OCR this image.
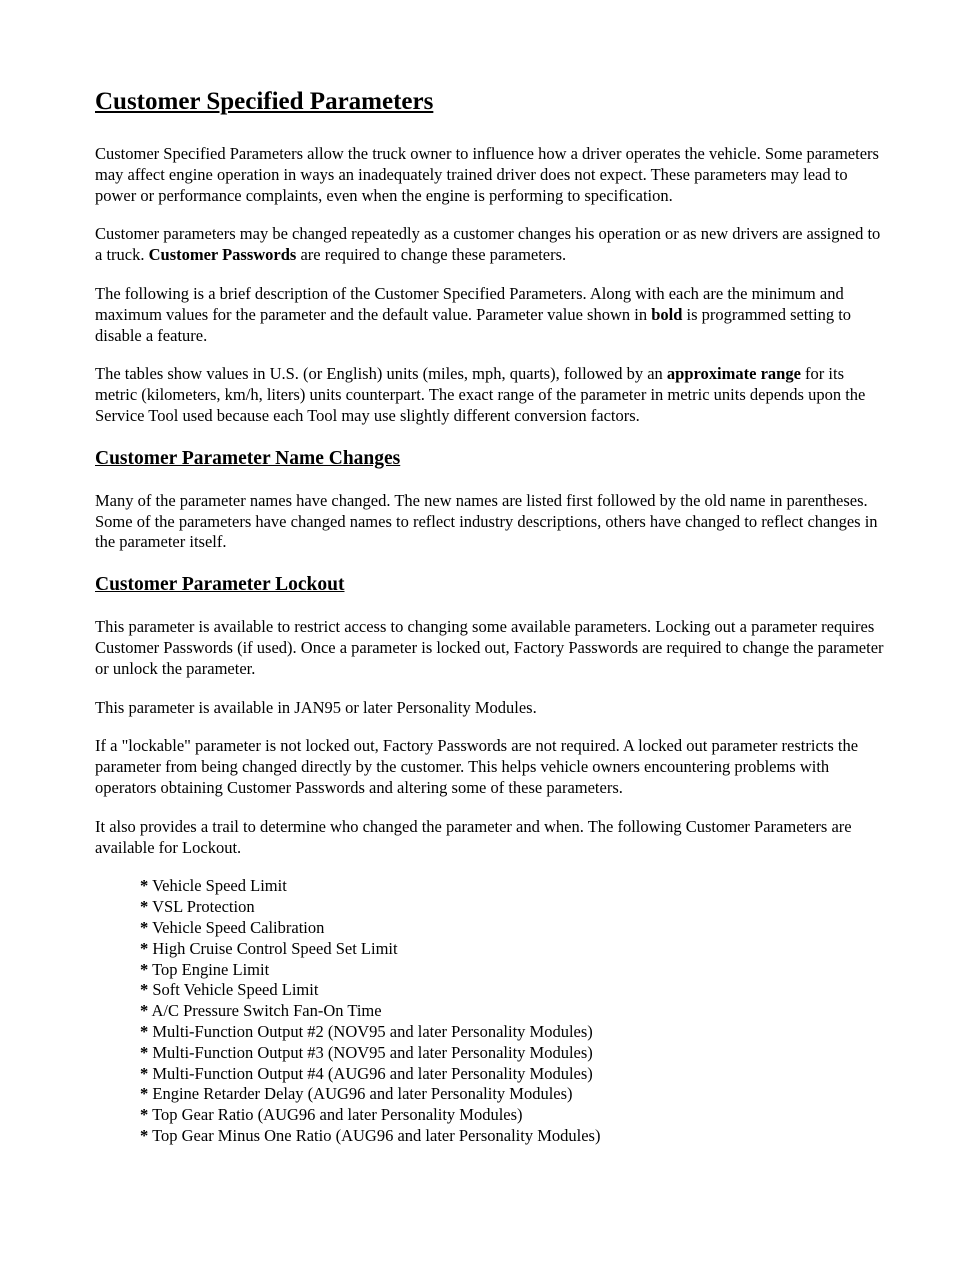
Customer Specified Parameters

Customer Specified Parameters allow the truck owner to influence how a driver operates the vehicle. Some parameters may affect engine operation in ways an inadequately trained driver does not expect. These parameters may lead to power or performance complaints, even when the engine is performing to specification.

Customer parameters may be changed repeatedly as a customer changes his operation or as new drivers are assigned to a truck. Customer Passwords are required to change these parameters.

The following is a brief description of the Customer Specified Parameters. Along with each are the minimum and maximum values for the parameter and the default value. Parameter value shown in bold is programmed setting to disable a feature.

The tables show values in U.S. (or English) units (miles, mph, quarts), followed by an approximate range for its metric (kilometers, km/h, liters) units counterpart. The exact range of the parameter in metric units depends upon the Service Tool used because each Tool may use slightly different conversion factors.

Customer Parameter Name Changes

Many of the parameter names have changed. The new names are listed first followed by the old name in parentheses. Some of the parameters have changed names to reflect industry descriptions, others have changed to reflect changes in the parameter itself.

Customer Parameter Lockout

This parameter is available to restrict access to changing some available parameters. Locking out a parameter requires Customer Passwords (if used). Once a parameter is locked out, Factory Passwords are required to change the parameter or unlock the parameter.

This parameter is available in JAN95 or later Personality Modules.

If a "lockable" parameter is not locked out, Factory Passwords are not required. A locked out parameter restricts the parameter from being changed directly by the customer. This helps vehicle owners encountering problems with operators obtaining Customer Passwords and altering some of these parameters.

It also provides a trail to determine who changed the parameter and when. The following Customer Parameters are available for Lockout.

* Vehicle Speed Limit
* VSL Protection
* Vehicle Speed Calibration
* High Cruise Control Speed Set Limit
* Top Engine Limit
* Soft Vehicle Speed Limit
* A/C Pressure Switch Fan-On Time
* Multi-Function Output #2 (NOV95 and later Personality Modules)
* Multi-Function Output #3 (NOV95 and later Personality Modules)
* Multi-Function Output #4 (AUG96 and later Personality Modules)
* Engine Retarder Delay (AUG96 and later Personality Modules)
* Top Gear Ratio (AUG96 and later Personality Modules)
* Top Gear Minus One Ratio (AUG96 and later Personality Modules)
